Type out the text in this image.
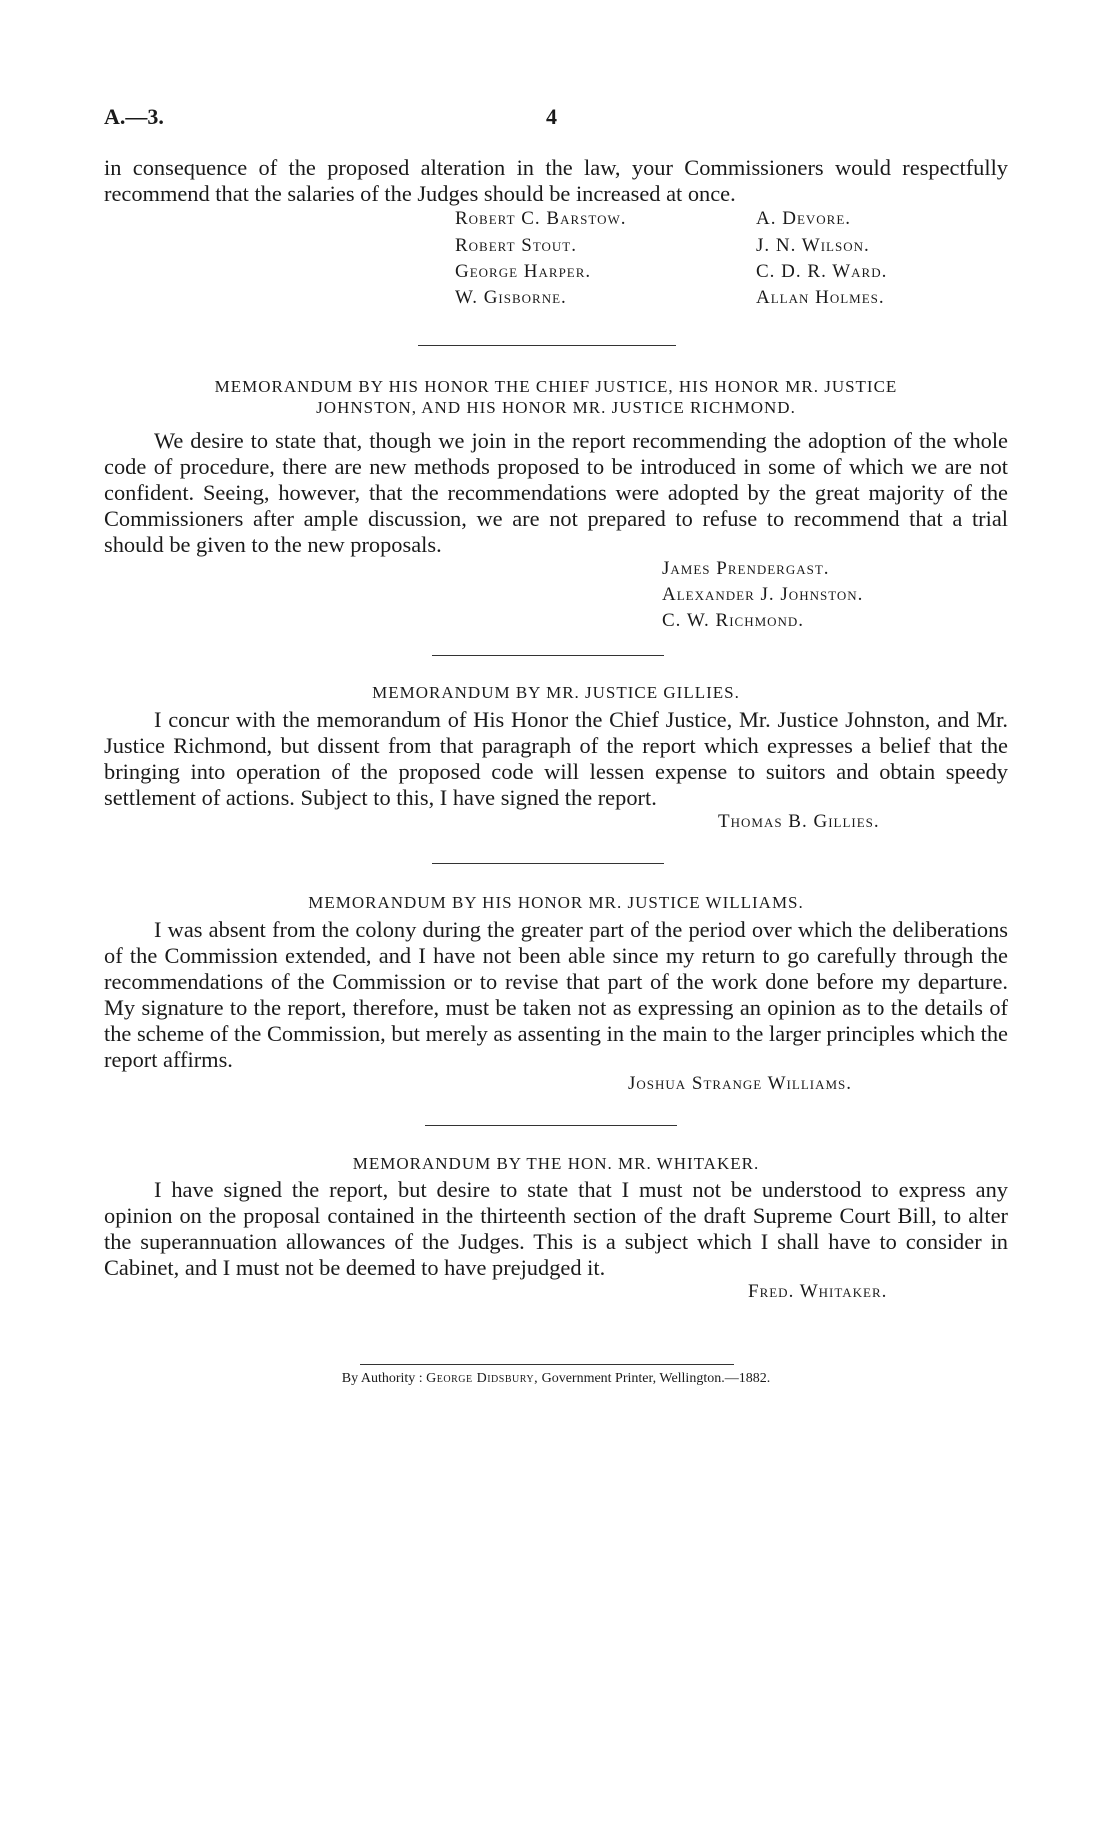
A.—3.	4

in consequence of the proposed alteration in the law, your Commissioners would respectfully recommend that the salaries of the Judges should be increased at once.

Robert C. Barstow.
Robert Stout.
George Harper.
W. Gisborne.
A. Devore.
J. N. Wilson.
C. D. R. Ward.
Allan Holmes.
MEMORANDUM BY HIS HONOR THE CHIEF JUSTICE, HIS HONOR MR. JUSTICE
JOHNSTON, AND HIS HONOR MR. JUSTICE RICHMOND.

We desire to state that, though we join in the report recommending the adoption of the whole code of procedure, there are new methods proposed to be introduced in some of which we are not confident. Seeing, however, that the recommendations were adopted by the great majority of the Commissioners after ample discussion, we are not prepared to refuse to recommend that a trial should be given to the new proposals.

James Prendergast.
Alexander J. Johnston.
C. W. Richmond.
MEMORANDUM BY MR. JUSTICE GILLIES.

I concur with the memorandum of His Honor the Chief Justice, Mr. Justice Johnston, and Mr. Justice Richmond, but dissent from that paragraph of the report which expresses a belief that the bringing into operation of the proposed code will lessen expense to suitors and obtain speedy settlement of actions. Subject to this, I have signed the report.

Thomas B. Gillies.
MEMORANDUM BY HIS HONOR MR. JUSTICE WILLIAMS.

I was absent from the colony during the greater part of the period over which the deliberations of the Commission extended, and I have not been able since my return to go carefully through the recommendations of the Commission or to revise that part of the work done before my departure. My signature to the report, therefore, must be taken not as expressing an opinion as to the details of the scheme of the Commission, but merely as assenting in the main to the larger principles which the report affirms.

Joshua Strange Williams.
MEMORANDUM BY THE HON. MR. WHITAKER.

I have signed the report, but desire to state that I must not be understood to express any opinion on the proposal contained in the thirteenth section of the draft Supreme Court Bill, to alter the superannuation allowances of the Judges. This is a subject which I shall have to consider in Cabinet, and I must not be deemed to have prejudged it.

Fred. Whitaker.
By Authority : George Didsbury, Government Printer, Wellington.—1882.
